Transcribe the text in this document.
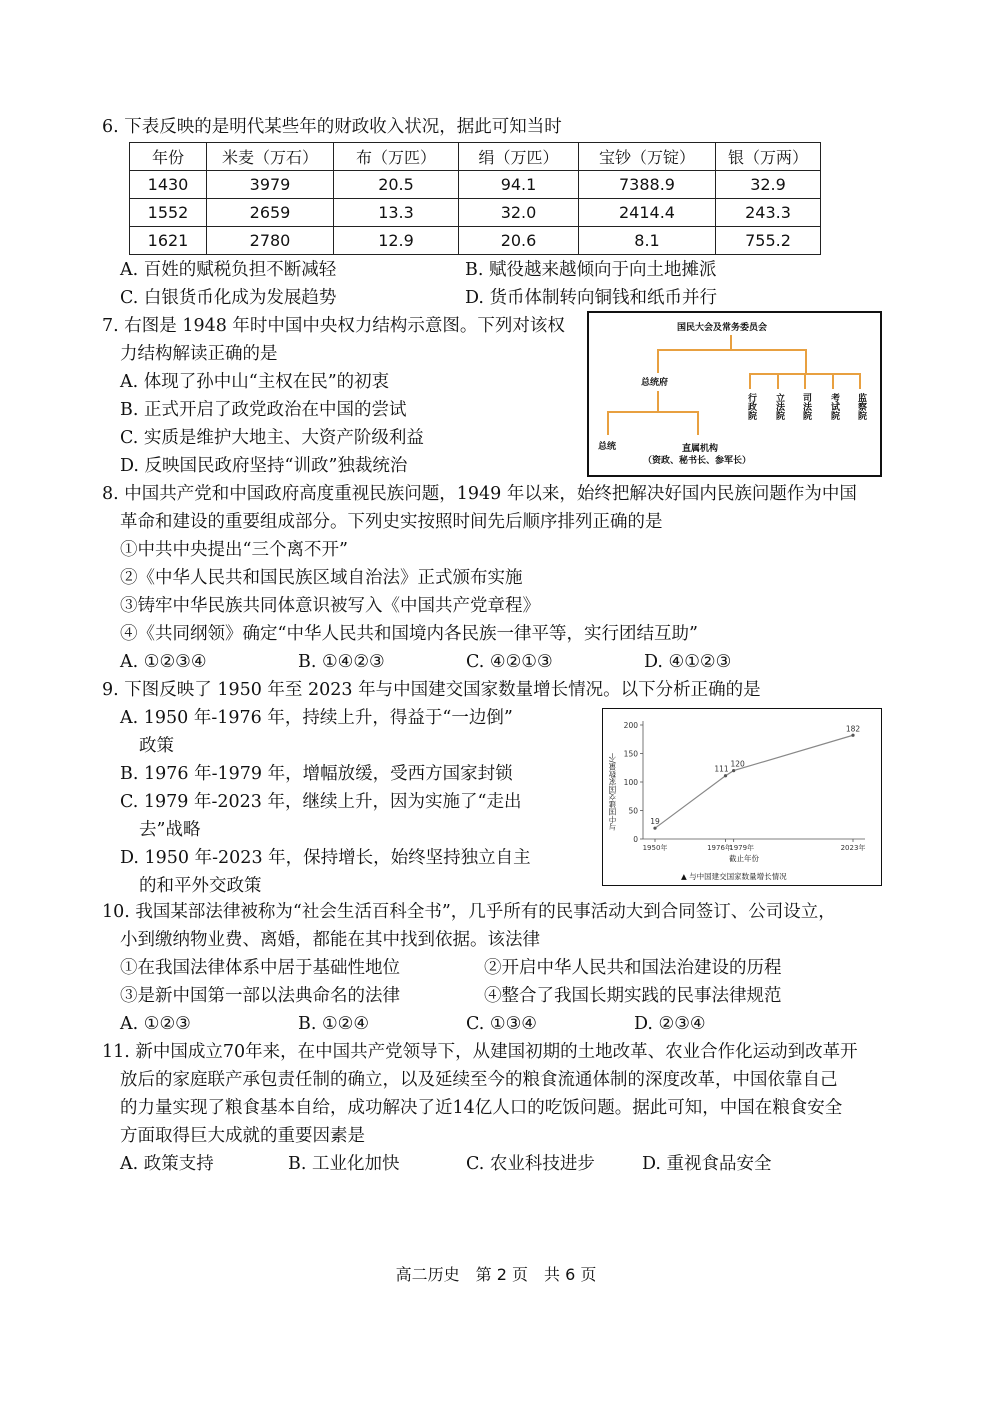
6. 下表反映的是明代某些年的财政收入状况，据此可知当时
年份	米麦（万石）	布（万匹）	绢（万匹）	宝钞（万锭）	银（万两）
1430	3979	20.5	94.1	7388.9	32.9
1552	2659	13.3	32.0	2414.4	243.3
1621	2780	12.9	20.6	8.1	755.2
A. 百姓的赋税负担不断减轻	B. 赋役越来越倾向于向土地摊派
C. 白银货币化成为发展趋势	D. 货币体制转向铜钱和纸币并行
7. 右图是 1948 年时中国中央权力结构示意图。下列对该权
力结构解读正确的是
A. 体现了孙中山“主权在民”的初衷
B. 正式开启了政党政治在中国的尝试
C. 实质是维护大地主、大资产阶级利益
D. 反映国民政府坚持“训政”独裁统治
国民大会及常务委员会
总统府
行政院 立法院 司法院 考试院 监察院
总统	直属机构
（资政、秘书长、参军长）
8. 中国共产党和中国政府高度重视民族问题，1949 年以来，始终把解决好国内民族问题作为中国
革命和建设的重要组成部分。下列史实按照时间先后顺序排列正确的是
①中共中央提出“三个离不开”
②《中华人民共和国民族区域自治法》正式颁布实施
③铸牢中华民族共同体意识被写入《中国共产党章程》
④《共同纲领》确定“中华人民共和国境内各民族一律平等，实行团结互助”
A. ①②③④	B. ①④②③	C. ④②①③	D. ④①②③
9. 下图反映了 1950 年至 2023 年与中国建交国家数量增长情况。以下分析正确的是
A. 1950 年-1976 年，持续上升，得益于“一边倒”
政策
B. 1976 年-1979 年，增幅放缓，受西方国家封锁
C. 1979 年-2023 年，继续上升，因为实施了“走出
去”战略
D. 1950 年-2023 年，保持增长，始终坚持独立自主
的和平外交政策
0
50
100
150
200
1950年	1976年
1979年	2023年
19
111
120
182
与中国建交国家数量/个
截止年份
▲ 与中国建交国家数量增长情况
10. 我国某部法律被称为“社会生活百科全书”，几乎所有的民事活动大到合同签订、公司设立，
小到缴纳物业费、离婚，都能在其中找到依据。该法律
①在我国法律体系中居于基础性地位	②开启中华人民共和国法治建设的历程
③是新中国第一部以法典命名的法律	④整合了我国长期实践的民事法律规范
A. ①②③	B. ①②④	C. ①③④	D. ②③④
11. 新中国成立70年来，在中国共产党领导下，从建国初期的土地改革、农业合作化运动到改革开
放后的家庭联产承包责任制的确立，以及延续至今的粮食流通体制的深度改革，中国依靠自己
的力量实现了粮食基本自给，成功解决了近14亿人口的吃饭问题。据此可知，中国在粮食安全
方面取得巨大成就的重要因素是
A. 政策支持	B. 工业化加快	C. 农业科技进步	D. 重视食品安全
高二历史　第 2 页　共 6 页
